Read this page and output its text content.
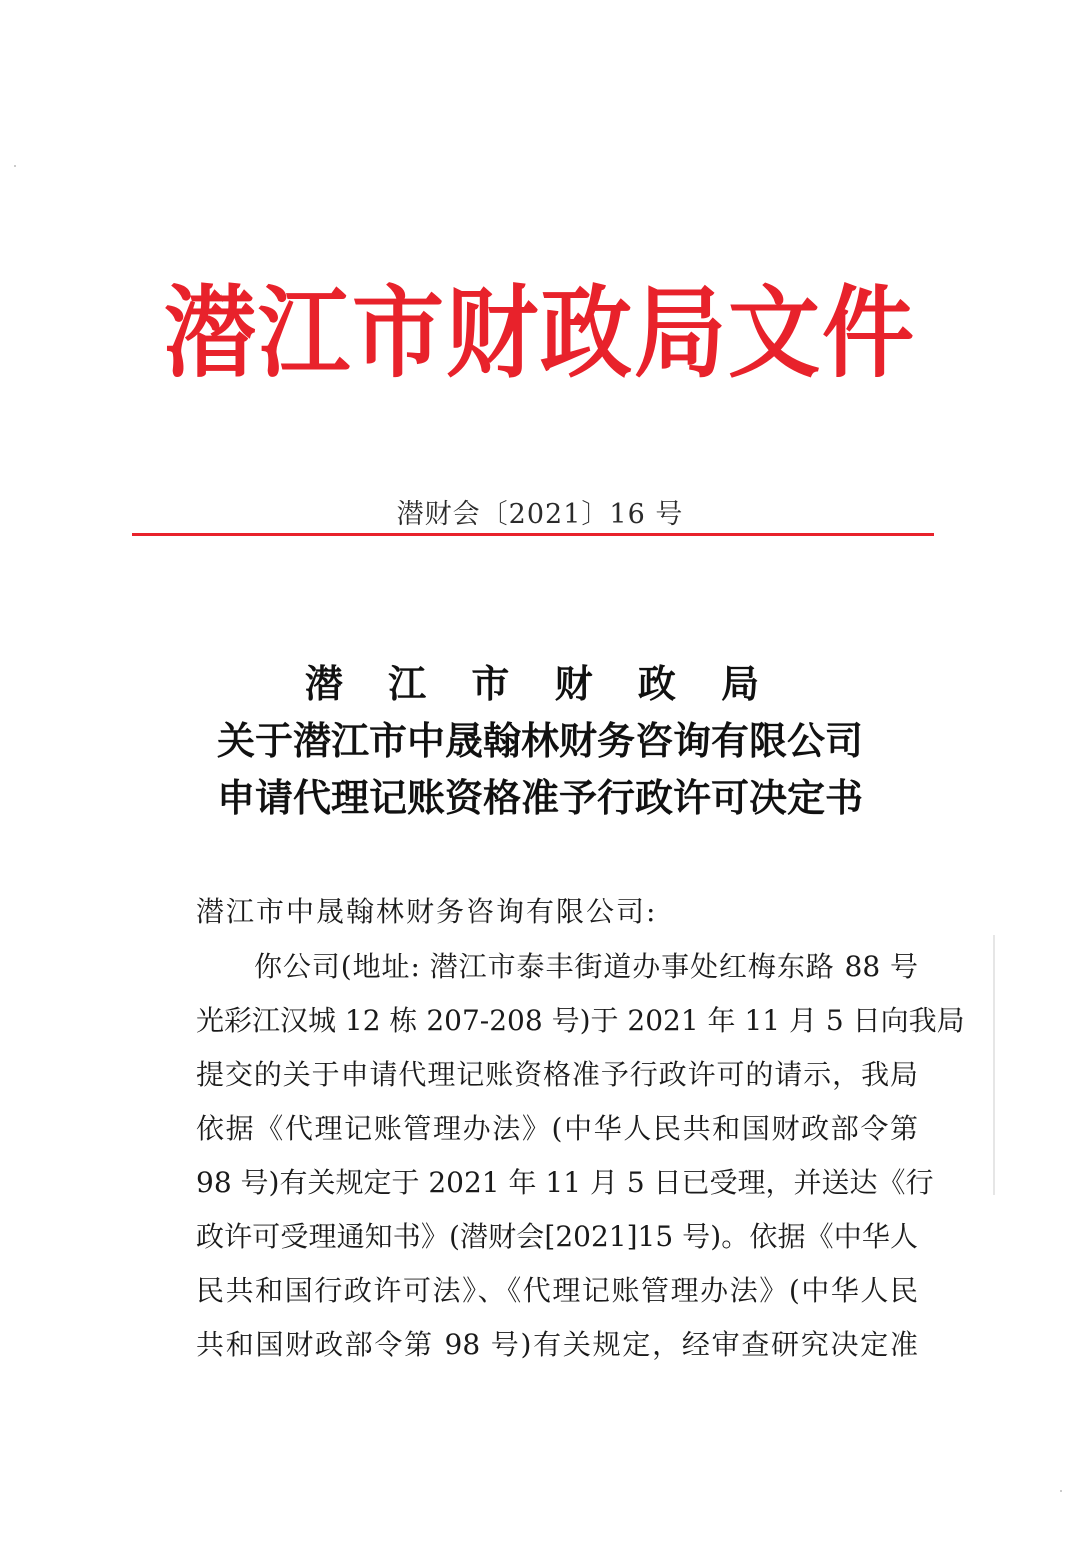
潜江市财政局文件
潜财会〔2021〕16 号
潜 江 市 财 政 局
关于潜江市中晟翰林财务咨询有限公司
申请代理记账资格准予行政许可决定书
潜江市中晟翰林财务咨询有限公司:
你公司(地址: 潜江市泰丰街道办事处红梅东路 88 号
光彩江汉城 12 栋 207-208 号)于 2021 年 11 月 5 日向我局
提交的关于申请代理记账资格准予行政许可的请示，我局
依据《代理记账管理办法》(中华人民共和国财政部令第
98 号)有关规定于 2021 年 11 月 5 日已受理，并送达《行
政许可受理通知书》(潜财会[2021]15 号)。依据《中华人
民共和国行政许可法》、《代理记账管理办法》(中华人民
共和国财政部令第 98 号)有关规定，经审查研究决定准
